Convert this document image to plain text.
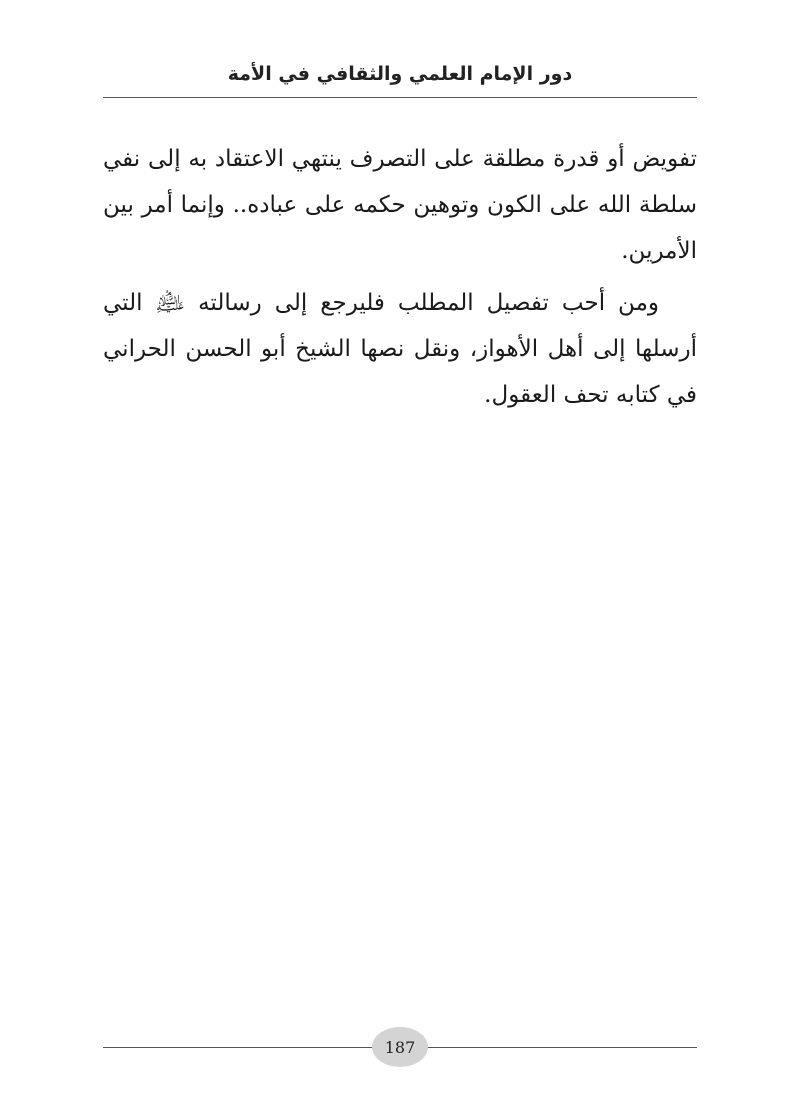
دور الإمام العلمي والثقافي في الأمة

تفويض أو قدرة مطلقة على التصرف ينتهي الاعتقاد به إلى نفي سلطة الله على الكون وتوهين حكمه على عباده.. وإنما أمر بين الأمرين.

ومن أحب تفصيل المطلب فليرجع إلى رسالته ﵇ التي أرسلها إلى أهل الأهواز، ونقل نصها الشيخ أبو الحسن الحراني في كتابه تحف العقول.

187
